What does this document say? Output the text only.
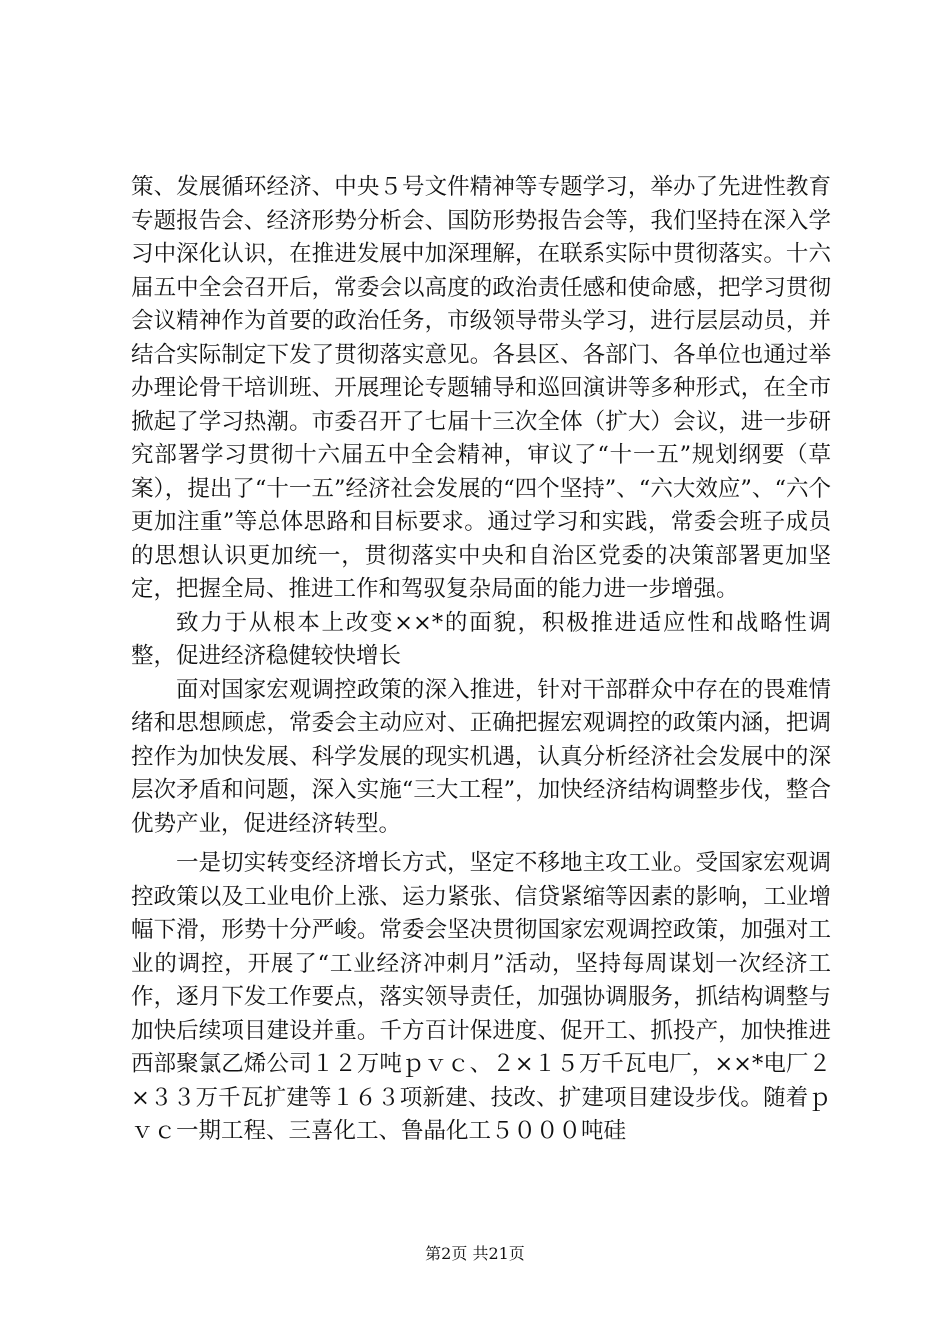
策、发展循环经济、中央５号文件精神等专题学习，举办了先进性教育专题报告会、经济形势分析会、国防形势报告会等，我们坚持在深入学习中深化认识，在推进发展中加深理解，在联系实际中贯彻落实。十六届五中全会召开后，常委会以高度的政治责任感和使命感，把学习贯彻会议精神作为首要的政治任务，市级领导带头学习，进行层层动员，并结合实际制定下发了贯彻落实意见。各县区、各部门、各单位也通过举办理论骨干培训班、开展理论专题辅导和巡回演讲等多种形式，在全市掀起了学习热潮。市委召开了七届十三次全体（扩大）会议，进一步研究部署学习贯彻十六届五中全会精神，审议了“十一五”规划纲要（草案），提出了“十一五”经济社会发展的“四个坚持”、“六大效应”、“六个更加注重”等总体思路和目标要求。通过学习和实践，常委会班子成员的思想认识更加统一，贯彻落实中央和自治区党委的决策部署更加坚定，把握全局、推进工作和驾驭复杂局面的能力进一步增强。

致力于从根本上改变××*的面貌，积极推进适应性和战略性调整，促进经济稳健较快增长

面对国家宏观调控政策的深入推进，针对干部群众中存在的畏难情绪和思想顾虑，常委会主动应对、正确把握宏观调控的政策内涵，把调控作为加快发展、科学发展的现实机遇，认真分析经济社会发展中的深层次矛盾和问题，深入实施“三大工程”，加快经济结构调整步伐，整合优势产业，促进经济转型。

一是切实转变经济增长方式，坚定不移地主攻工业。受国家宏观调控政策以及工业电价上涨、运力紧张、信贷紧缩等因素的影响，工业增幅下滑，形势十分严峻。常委会坚决贯彻国家宏观调控政策，加强对工业的调控，开展了“工业经济冲刺月”活动，坚持每周谋划一次经济工作，逐月下发工作要点，落实领导责任，加强协调服务，抓结构调整与加快后续项目建设并重。千方百计保进度、促开工、抓投产，加快推进西部聚氯乙烯公司１２万吨ｐｖｃ、２×１５万千瓦电厂，××*电厂２×３３万千瓦扩建等１６３项新建、技改、扩建项目建设步伐。随着ｐｖｃ一期工程、三喜化工、鲁晶化工５０００吨硅

第2页 共21页
